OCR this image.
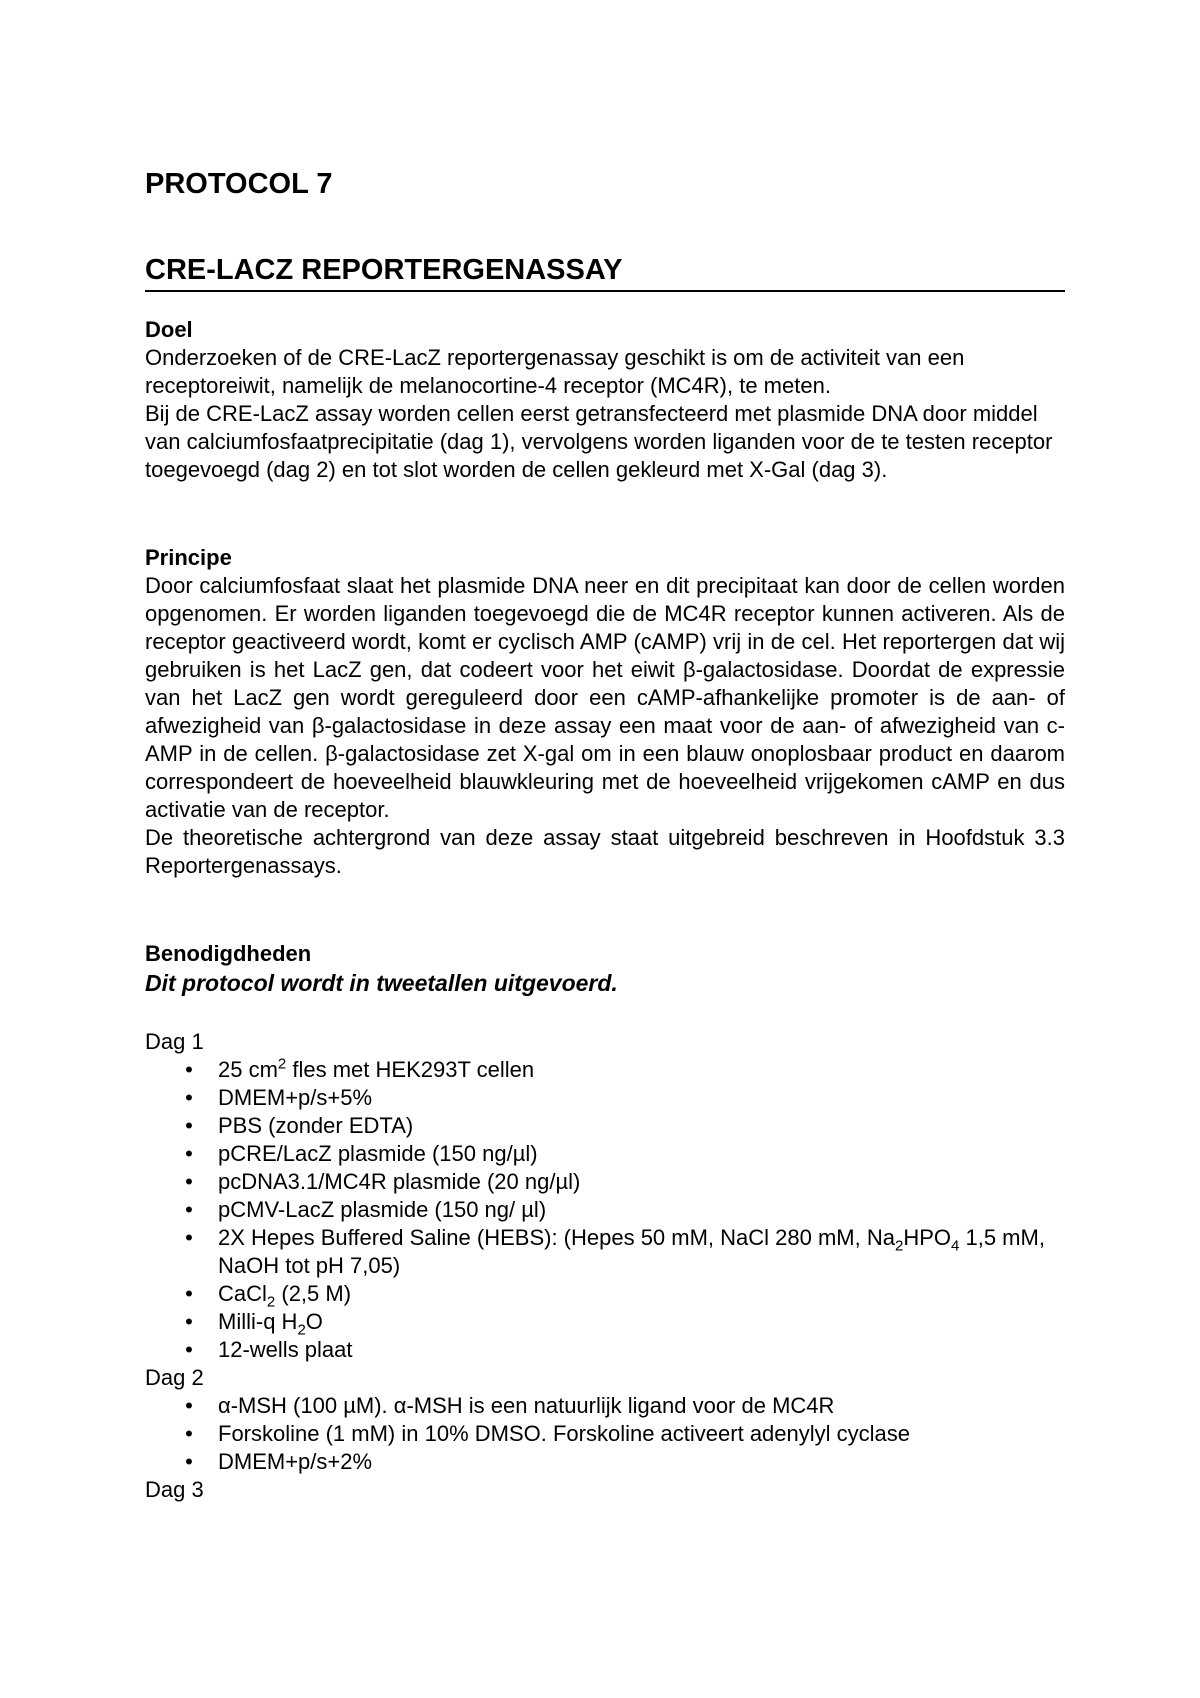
PROTOCOL 7
CRE-LACZ REPORTERGENASSAY
Doel

Onderzoeken of de CRE-LacZ reportergenassay geschikt is om de activiteit van een receptoreiwit, namelijk de melanocortine-4 receptor (MC4R), te meten.

Bij de CRE-LacZ assay worden cellen eerst getransfecteerd met plasmide DNA door middel van calciumfosfaatprecipitatie (dag 1), vervolgens worden liganden voor de te testen receptor toegevoegd (dag 2) en tot slot worden de cellen gekleurd met X-Gal (dag 3).

Principe

Door calciumfosfaat slaat het plasmide DNA neer en dit precipitaat kan door de cellen worden opgenomen. Er worden liganden toegevoegd die de MC4R receptor kunnen activeren. Als de receptor geactiveerd wordt, komt er cyclisch AMP (cAMP) vrij in de cel. Het reportergen dat wij gebruiken is het LacZ gen, dat codeert voor het eiwit β-galactosidase. Doordat de expressie van het LacZ gen wordt gereguleerd door een cAMP-afhankelijke promoter is de aan- of afwezigheid van β-galactosidase in deze assay een maat voor de aan- of afwezigheid van c-AMP in de cellen. β-galactosidase zet X-gal om in een blauw onoplosbaar product en daarom correspondeert de hoeveelheid blauwkleuring met de hoeveelheid vrijgekomen cAMP en dus activatie van de receptor.

De theoretische achtergrond van deze assay staat uitgebreid beschreven in Hoofdstuk 3.3 Reportergenassays.

Benodigdheden

Dit protocol wordt in tweetallen uitgevoerd.

Dag 1

• 25 $cm^2$ fles met HEK293T cellen
• DMEM+p/s+5%
• PBS (zonder EDTA)
• pCRE/LacZ plasmide (150 ng/µl)
• pcDNA3.1/MC4R plasmide (20 ng/µl)
• pCMV-LacZ plasmide (150 ng/ µl)
• 2X Hepes Buffered Saline (HEBS): (Hepes 50 mM, NaCl 280 mM, $Na_2HPO_4$ 1,5 mM, NaOH tot pH 7,05)
• CaCl$_2$ (2,5 M)
• Milli-q $H_2O$
• 12-wells plaat

Dag 2

• α-MSH (100 µM). α-MSH is een natuurlijk ligand voor de MC4R
• Forskoline (1 mM) in 10% DMSO. Forskoline activeert adenylyl cyclase
• DMEM+p/s+2%

Dag 3
